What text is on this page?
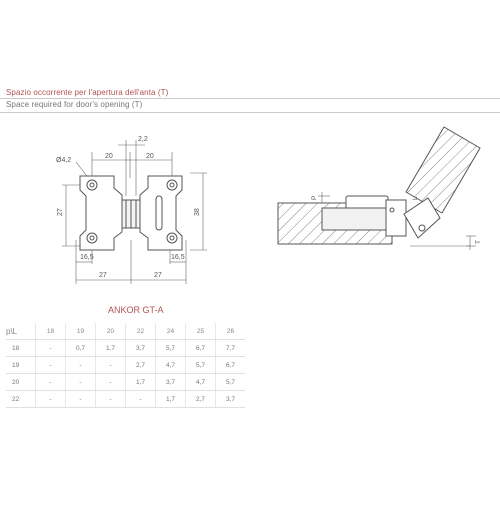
Spazio occorrente per l'apertura dell'anta (T)
Space required for door's opening (T)
Ø4,2
20	20
2,2
27	38
16,5	16,5
27	27
P	L
T
ANKOR GT-A
p\L	18	19	20	22	24	25	26
18	-	0,7	1,7	3,7	5,7	6,7	7,7
19	-	-	-	2,7	4,7	5,7	6,7
20	-	-	-	1,7	3,7	4,7	5,7
22	-	-	-	-	1,7	2,7	3,7
